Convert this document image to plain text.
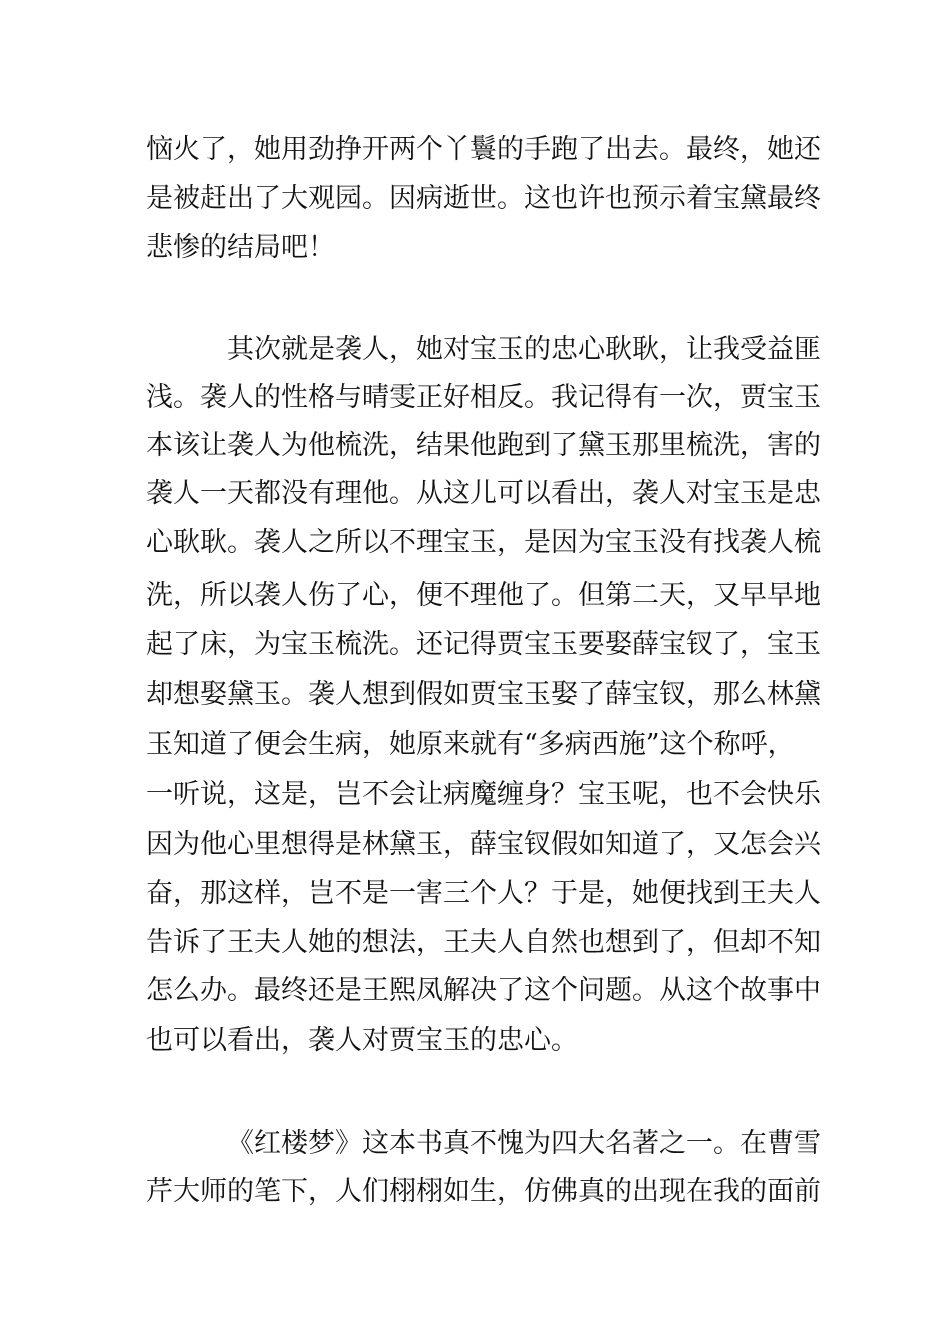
恼火了，她用劲挣开两个丫鬟的手跑了出去。最终，她还

是被赶出了大观园。因病逝世。这也许也预示着宝黛最终

悲惨的结局吧！

其次就是袭人，她对宝玉的忠心耿耿，让我受益匪

浅。袭人的性格与晴雯正好相反。我记得有一次，贾宝玉

本该让袭人为他梳洗，结果他跑到了黛玉那里梳洗，害的

袭人一天都没有理他。从这儿可以看出，袭人对宝玉是忠

心耿耿。袭人之所以不理宝玉，是因为宝玉没有找袭人梳

洗，所以袭人伤了心，便不理他了。但第二天，又早早地

起了床，为宝玉梳洗。还记得贾宝玉要娶薛宝钗了，宝玉

却想娶黛玉。袭人想到假如贾宝玉娶了薛宝钗，那么林黛

玉知道了便会生病，她原来就有“多病西施”这个称呼，

一听说，这是，岂不会让病魔缠身？宝玉呢，也不会快乐

因为他心里想得是林黛玉，薛宝钗假如知道了，又怎会兴

奋，那这样，岂不是一害三个人？于是，她便找到王夫人

告诉了王夫人她的想法，王夫人自然也想到了，但却不知

怎么办。最终还是王熙凤解决了这个问题。从这个故事中

也可以看出，袭人对贾宝玉的忠心。

《红楼梦》这本书真不愧为四大名著之一。在曹雪

芹大师的笔下，人们栩栩如生，仿佛真的出现在我的面前
